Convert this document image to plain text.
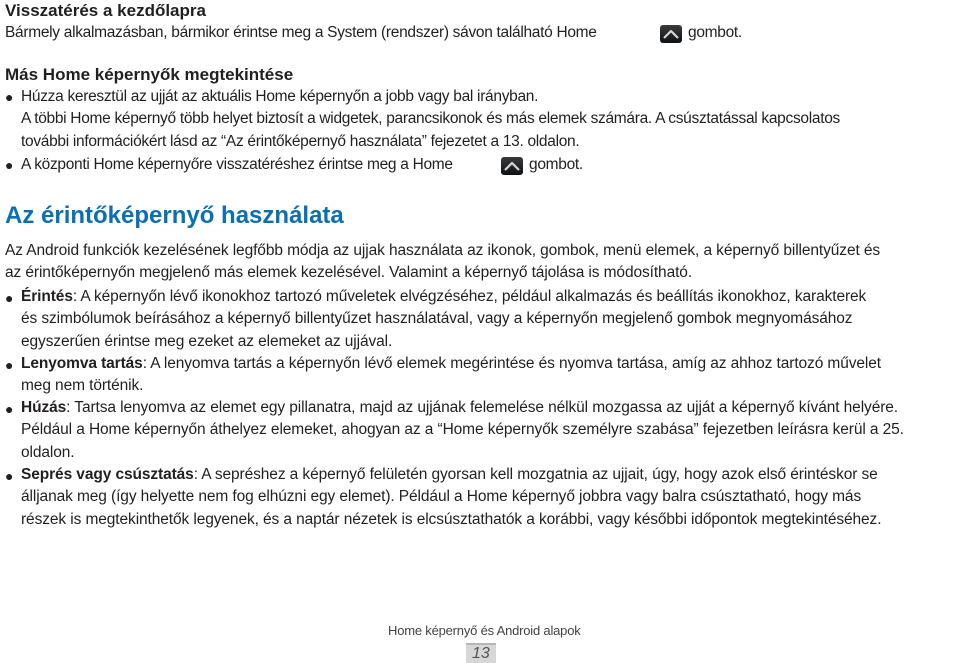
Visszatérés a kezdőlapra
Bármely alkalmazásban, bármikor érintse meg a System (rendszer) sávon található Home	gombot.
Más Home képernyők megtekintése
● Húzza keresztül az ujját az aktuális Home képernyőn a jobb vagy bal irányban.
A többi Home képernyő több helyet biztosít a widgetek, parancsikonok és más elemek számára. A csúsztatással kapcsolatos
további információkért lásd az “Az érintőképernyő használata” fejezetet a 13. oldalon.
● A központi Home képernyőre visszatéréshez érintse meg a Home	gombot.
Az érintőképernyő használata
Az Android funkciók kezelésének legfőbb módja az ujjak használata az ikonok, gombok, menü elemek, a képernyő billentyűzet és
az érintőképernyőn megjelenő más elemek kezelésével. Valamint a képernyő tájolása is módosítható.
● Érintés: A képernyőn lévő ikonokhoz tartozó műveletek elvégzéséhez, például alkalmazás és beállítás ikonokhoz, karakterek
és szimbólumok beírásához a képernyő billentyűzet használatával, vagy a képernyőn megjelenő gombok megnyomásához
egyszerűen érintse meg ezeket az elemeket az ujjával.
● Lenyomva tartás: A lenyomva tartás a képernyőn lévő elemek megérintése és nyomva tartása, amíg az ahhoz tartozó művelet
meg nem történik.
● Húzás: Tartsa lenyomva az elemet egy pillanatra, majd az ujjának felemelése nélkül mozgassa az ujját a képernyő kívánt helyére.
Például a Home képernyőn áthelyez elemeket, ahogyan az a “Home képernyők személyre szabása” fejezetben leírásra kerül a 25.
oldalon.
● Seprés vagy csúsztatás: A sepréshez a képernyő felületén gyorsan kell mozgatnia az ujjait, úgy, hogy azok első érintéskor se
álljanak meg (így helyette nem fog elhúzni egy elemet). Például a Home képernyő jobbra vagy balra csúsztatható, hogy más
részek is megtekinthetők legyenek, és a naptár nézetek is elcsúsztathatók a korábbi, vagy későbbi időpontok megtekintéséhez.
Home képernyő és Android alapok
13
